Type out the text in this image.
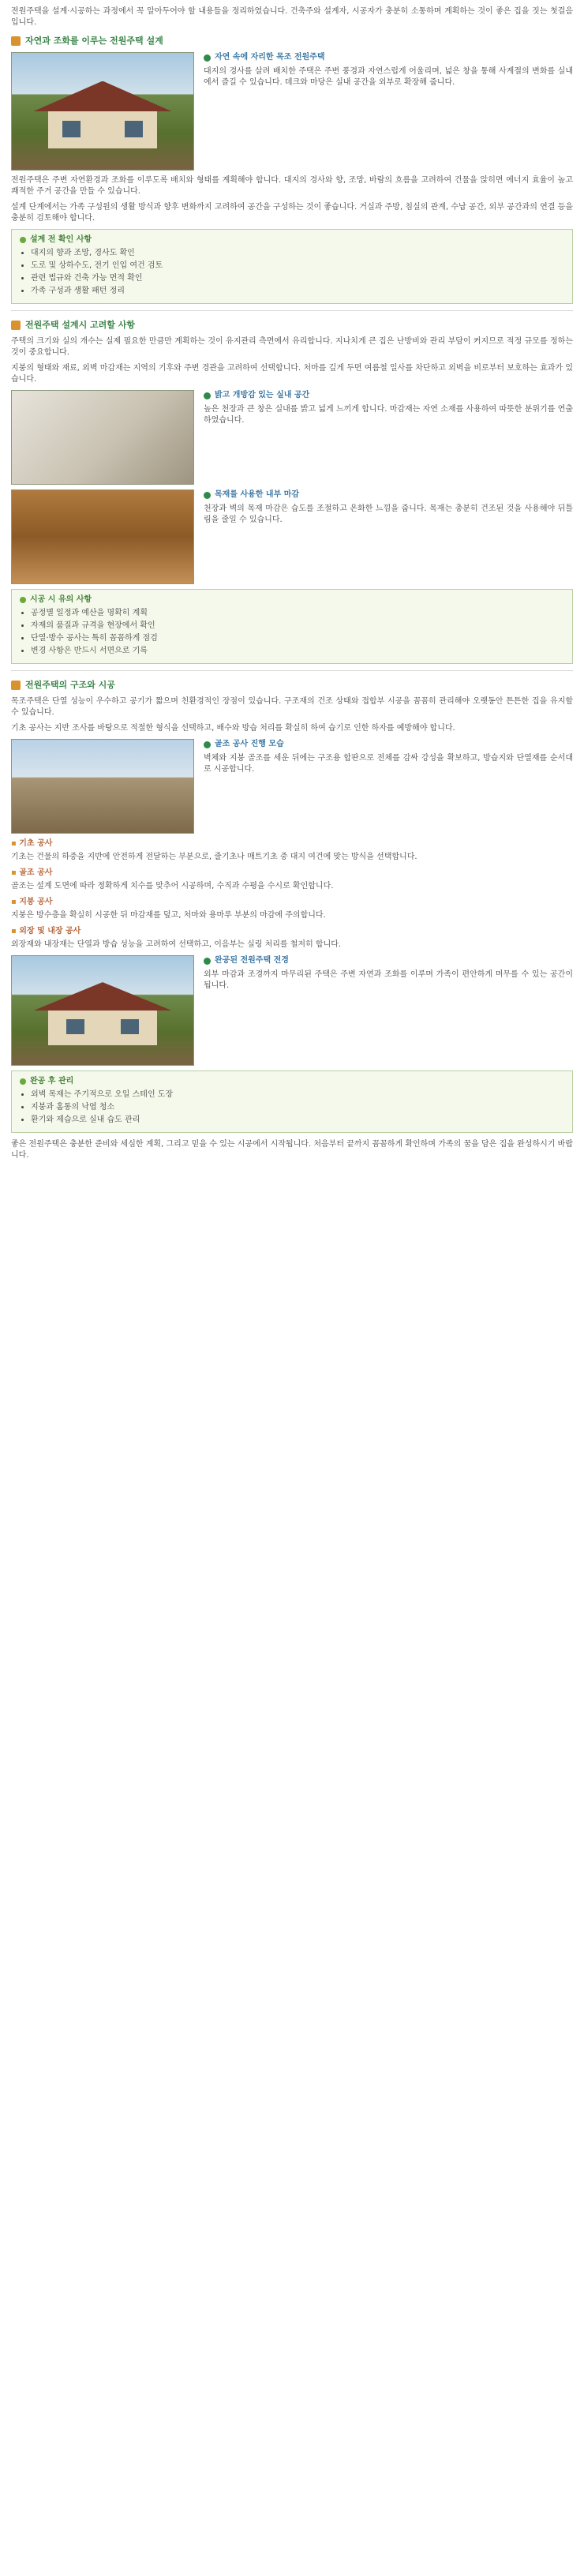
전원주택을 설계·시공하는 과정에서 꼭 알아두어야 할 내용들을 정리하였습니다. 건축주와 설계자, 시공자가 충분히 소통하며 계획하는 것이 좋은 집을 짓는 첫걸음입니다.

자연과 조화를 이루는 전원주택 설계
자연 속에 자리한 목조 전원주택

대지의 경사를 살려 배치한 주택은 주변 풍경과 자연스럽게 어울리며, 넓은 창을 통해 사계절의 변화를 실내에서 즐길 수 있습니다. 데크와 마당은 실내 공간을 외부로 확장해 줍니다.

전원주택은 주변 자연환경과 조화를 이루도록 배치와 형태를 계획해야 합니다. 대지의 경사와 향, 조망, 바람의 흐름을 고려하여 건물을 앉히면 에너지 효율이 높고 쾌적한 주거 공간을 만들 수 있습니다.

설계 단계에서는 가족 구성원의 생활 방식과 향후 변화까지 고려하여 공간을 구성하는 것이 좋습니다. 거실과 주방, 침실의 관계, 수납 공간, 외부 공간과의 연결 등을 충분히 검토해야 합니다.

설계 전 확인 사항
• 대지의 향과 조망, 경사도 확인
• 도로 및 상하수도, 전기 인입 여건 검토
• 관련 법규와 건축 가능 면적 확인
• 가족 구성과 생활 패턴 정리
전원주택 설계시 고려할 사항

주택의 크기와 실의 개수는 실제 필요한 만큼만 계획하는 것이 유지관리 측면에서 유리합니다. 지나치게 큰 집은 난방비와 관리 부담이 커지므로 적정 규모를 정하는 것이 중요합니다.

지붕의 형태와 재료, 외벽 마감재는 지역의 기후와 주변 경관을 고려하여 선택합니다. 처마를 깊게 두면 여름철 일사를 차단하고 외벽을 비로부터 보호하는 효과가 있습니다.

밝고 개방감 있는 실내 공간

높은 천장과 큰 창은 실내를 밝고 넓게 느끼게 합니다. 마감재는 자연 소재를 사용하여 따뜻한 분위기를 연출하였습니다.

목재를 사용한 내부 마감

천장과 벽의 목재 마감은 습도를 조절하고 온화한 느낌을 줍니다. 목재는 충분히 건조된 것을 사용해야 뒤틀림을 줄일 수 있습니다.

시공 시 유의 사항
• 공정별 일정과 예산을 명확히 계획
• 자재의 품질과 규격을 현장에서 확인
• 단열·방수 공사는 특히 꼼꼼하게 점검
• 변경 사항은 반드시 서면으로 기록
전원주택의 구조와 시공

목조주택은 단열 성능이 우수하고 공기가 짧으며 친환경적인 장점이 있습니다. 구조재의 건조 상태와 접합부 시공을 꼼꼼히 관리해야 오랫동안 튼튼한 집을 유지할 수 있습니다.

기초 공사는 지반 조사를 바탕으로 적절한 형식을 선택하고, 배수와 방습 처리를 확실히 하여 습기로 인한 하자를 예방해야 합니다.

골조 공사 진행 모습

벽체와 지붕 골조를 세운 뒤에는 구조용 합판으로 전체를 감싸 강성을 확보하고, 방습지와 단열재를 순서대로 시공합니다.

▪ 기초 공사

기초는 건물의 하중을 지반에 안전하게 전달하는 부분으로, 줄기초나 매트기초 중 대지 여건에 맞는 방식을 선택합니다.

▪ 골조 공사

골조는 설계 도면에 따라 정확하게 치수를 맞추어 시공하며, 수직과 수평을 수시로 확인합니다.

▪ 지붕 공사

지붕은 방수층을 확실히 시공한 뒤 마감재를 덮고, 처마와 용마루 부분의 마감에 주의합니다.

▪ 외장 및 내장 공사

외장재와 내장재는 단열과 방습 성능을 고려하여 선택하고, 이음부는 실링 처리를 철저히 합니다.

완공된 전원주택 전경

외부 마감과 조경까지 마무리된 주택은 주변 자연과 조화를 이루며 가족이 편안하게 머무를 수 있는 공간이 됩니다.

완공 후 관리
• 외벽 목재는 주기적으로 오일 스테인 도장
• 지붕과 홈통의 낙엽 청소
• 환기와 제습으로 실내 습도 관리

좋은 전원주택은 충분한 준비와 세심한 계획, 그리고 믿을 수 있는 시공에서 시작됩니다. 처음부터 끝까지 꼼꼼하게 확인하며 가족의 꿈을 담은 집을 완성하시기 바랍니다.
